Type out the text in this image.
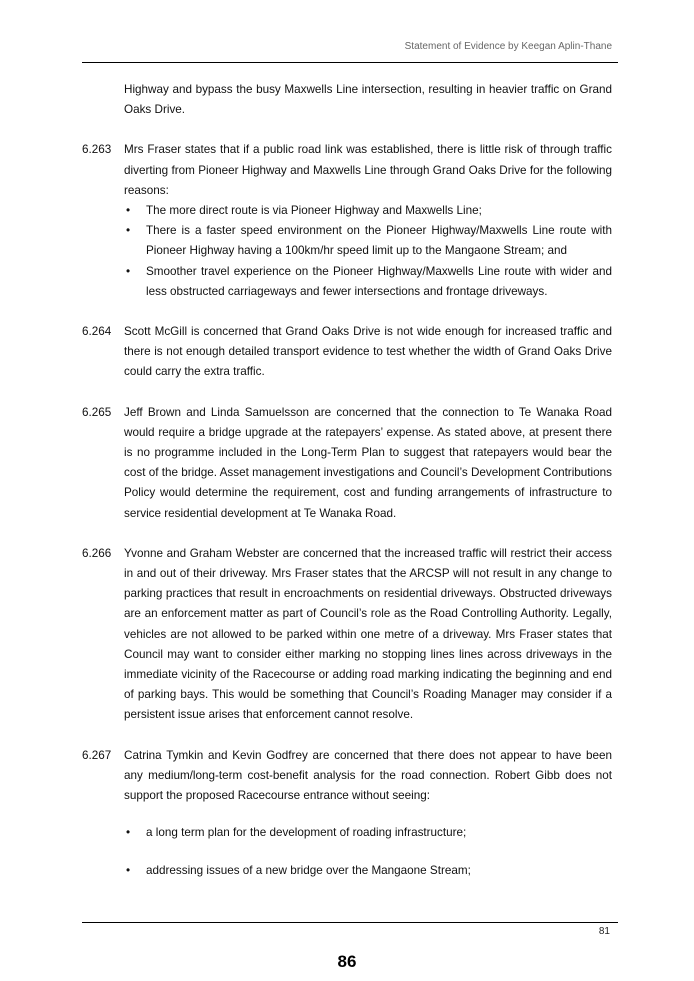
Statement of Evidence by Keegan Aplin-Thane
Highway and bypass the busy Maxwells Line intersection, resulting in heavier traffic on Grand Oaks Drive.
6.263 Mrs Fraser states that if a public road link was established, there is little risk of through traffic diverting from Pioneer Highway and Maxwells Line through Grand Oaks Drive for the following reasons:
• The more direct route is via Pioneer Highway and Maxwells Line;
• There is a faster speed environment on the Pioneer Highway/Maxwells Line route with Pioneer Highway having a 100km/hr speed limit up to the Mangaone Stream; and
• Smoother travel experience on the Pioneer Highway/Maxwells Line route with wider and less obstructed carriageways and fewer intersections and frontage driveways.
6.264 Scott McGill is concerned that Grand Oaks Drive is not wide enough for increased traffic and there is not enough detailed transport evidence to test whether the width of Grand Oaks Drive could carry the extra traffic.
6.265 Jeff Brown and Linda Samuelsson are concerned that the connection to Te Wanaka Road would require a bridge upgrade at the ratepayers’ expense. As stated above, at present there is no programme included in the Long-Term Plan to suggest that ratepayers would bear the cost of the bridge. Asset management investigations and Council’s Development Contributions Policy would determine the requirement, cost and funding arrangements of infrastructure to service residential development at Te Wanaka Road.
6.266 Yvonne and Graham Webster are concerned that the increased traffic will restrict their access in and out of their driveway. Mrs Fraser states that the ARCSP will not result in any change to parking practices that result in encroachments on residential driveways. Obstructed driveways are an enforcement matter as part of Council’s role as the Road Controlling Authority. Legally, vehicles are not allowed to be parked within one metre of a driveway. Mrs Fraser states that Council may want to consider either marking no stopping lines lines across driveways in the immediate vicinity of the Racecourse or adding road marking indicating the beginning and end of parking bays. This would be something that Council’s Roading Manager may consider if a persistent issue arises that enforcement cannot resolve.
6.267 Catrina Tymkin and Kevin Godfrey are concerned that there does not appear to have been any medium/long-term cost-benefit analysis for the road connection. Robert Gibb does not support the proposed Racecourse entrance without seeing:
• a long term plan for the development of roading infrastructure;
• addressing issues of a new bridge over the Mangaone Stream;
81
86
